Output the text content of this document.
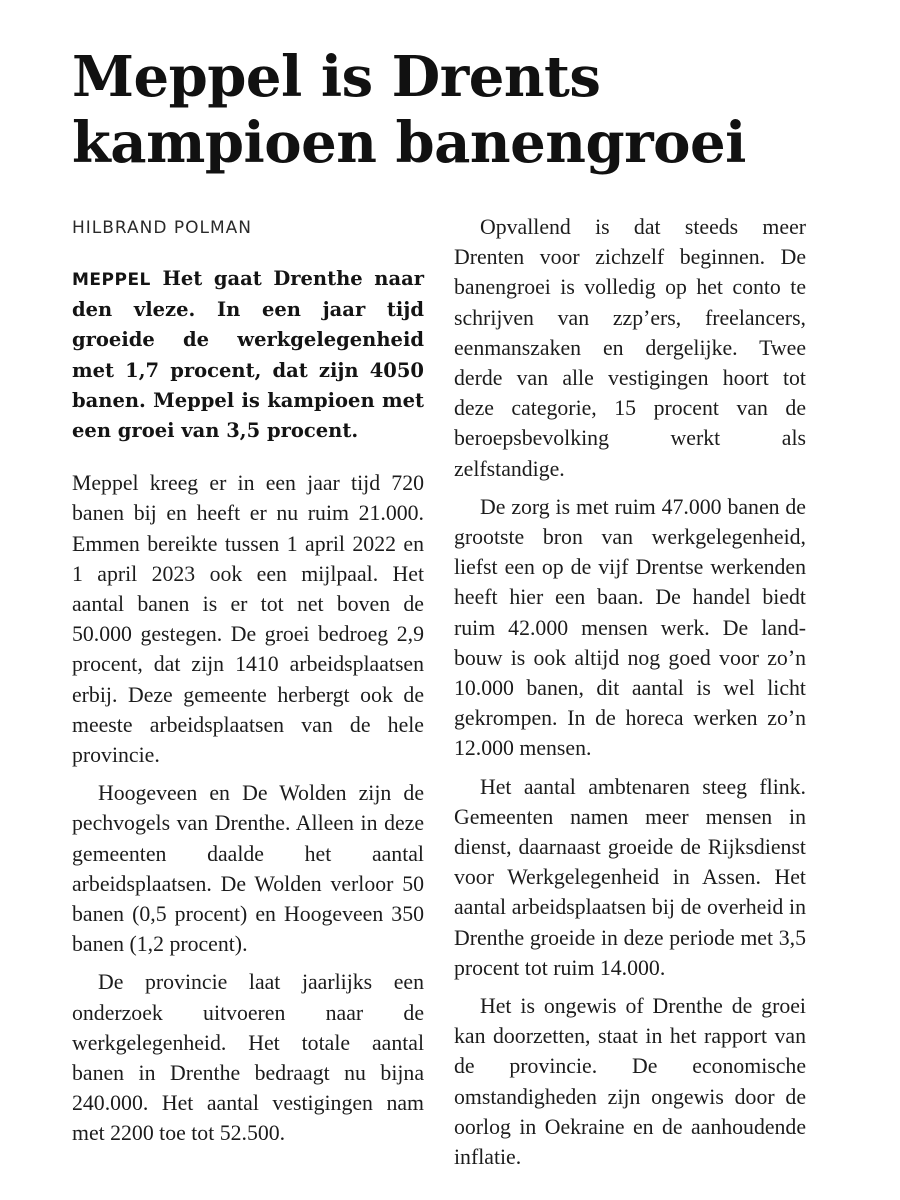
Meppel is Drents kampioen banengroei
HILBRAND POLMAN

MEPPEL Het gaat Drenthe naar den vleze. In een jaar tijd groeide de werkgelegenheid met 1,7 procent, dat zijn 4050 banen. Meppel is kampioen met een groei van 3,5 procent.

Meppel kreeg er in een jaar tijd 720 banen bij en heeft er nu ruim 21.000. Emmen bereikte tussen 1 april 2022 en 1 april 2023 ook een mijlpaal. Het aantal banen is er tot net boven de 50.000 gestegen. De groei bedroeg 2,9 procent, dat zijn 1410 arbeidsplaatsen erbij. Deze gemeente herbergt ook de meeste arbeidsplaatsen van de hele provincie.

Hoogeveen en De Wolden zijn de pechvogels van Drenthe. Alleen in deze gemeenten daalde het aantal arbeidsplaatsen. De Wolden verloor 50 banen (0,5 procent) en Hoogeveen 350 banen (1,2 procent).

De provincie laat jaarlijks een onderzoek uitvoeren naar de werkgelegenheid. Het totale aantal banen in Drenthe bedraagt nu bijna 240.000. Het aantal vestigingen nam met 2200 toe tot 52.500.

Opvallend is dat steeds meer Drenten voor zichzelf beginnen. De banengroei is volledig op het conto te schrijven van zzp’ers, freelancers, eenmanszaken en dergelijke. Twee derde van alle vestigingen hoort tot deze categorie, 15 procent van de beroepsbevolking werkt als zelfstandige.

De zorg is met ruim 47.000 banen de grootste bron van werkgelegenheid, liefst een op de vijf Drentse werkenden heeft hier een baan. De handel biedt ruim 42.000 mensen werk. De landbouw is ook altijd nog goed voor zo’n 10.000 banen, dit aantal is wel licht gekrompen. In de horeca werken zo’n 12.000 mensen.

Het aantal ambtenaren steeg flink. Gemeenten namen meer mensen in dienst, daarnaast groeide de Rijksdienst voor Werkgelegenheid in Assen. Het aantal arbeidsplaatsen bij de overheid in Drenthe groeide in deze periode met 3,5 procent tot ruim 14.000.

Het is ongewis of Drenthe de groei kan doorzetten, staat in het rapport van de provincie. De economische omstandigheden zijn ongewis door de oorlog in Oekraine en de aanhoudende inflatie.
